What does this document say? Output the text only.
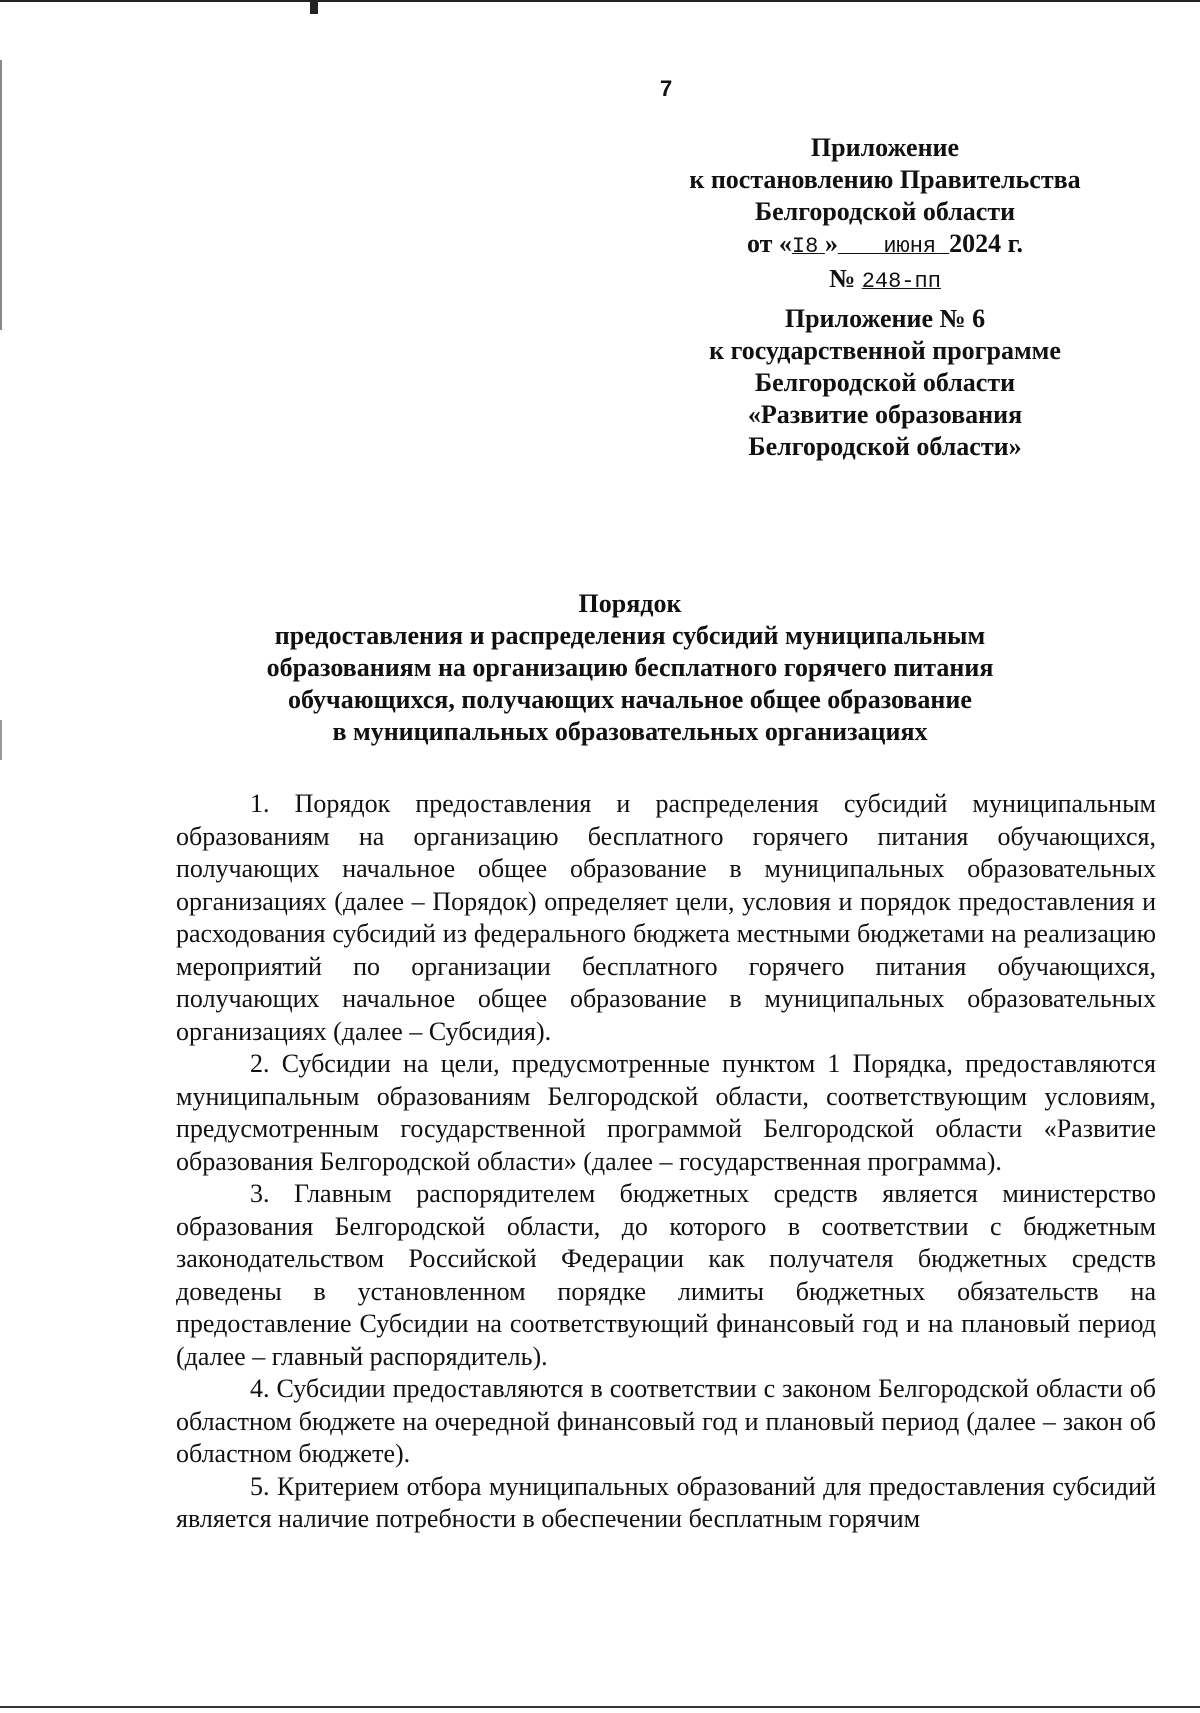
7
Приложение
к постановлению Правительства
Белгородской области
от «I8 » июня 2024 г.
№ 248-пп
Приложение № 6
к государственной программе
Белгородской области
«Развитие образования
Белгородской области»
Порядок
предоставления и распределения субсидий муниципальным
образованиям на организацию бесплатного горячего питания
обучающихся, получающих начальное общее образование
в муниципальных образовательных организациях

1. Порядок предоставления и распределения субсидий муниципальным образованиям на организацию бесплатного горячего питания обучающихся, получающих начальное общее образование в муниципальных образовательных организациях (далее – Порядок) определяет цели, условия и порядок предоставления и расходования субсидий из федерального бюджета местными бюджетами на реализацию мероприятий по организации бесплатного горячего питания обучающихся, получающих начальное общее образование в муниципальных образовательных организациях (далее – Субсидия).

2. Субсидии на цели, предусмотренные пунктом 1 Порядка, предоставляются муниципальным образованиям Белгородской области, соответствующим условиям, предусмотренным государственной программой Белгородской области «Развитие образования Белгородской области» (далее – государственная программа).

3. Главным распорядителем бюджетных средств является министерство образования Белгородской области, до которого в соответствии с бюджетным законодательством Российской Федерации как получателя бюджетных средств доведены в установленном порядке лимиты бюджетных обязательств на предоставление Субсидии на соответствующий финансовый год и на плановый период (далее – главный распорядитель).

4. Субсидии предоставляются в соответствии с законом Белгородской области об областном бюджете на очередной финансовый год и плановый период (далее – закон об областном бюджете).

5. Критерием отбора муниципальных образований для предоставления субсидий является наличие потребности в обеспечении бесплатным горячим
